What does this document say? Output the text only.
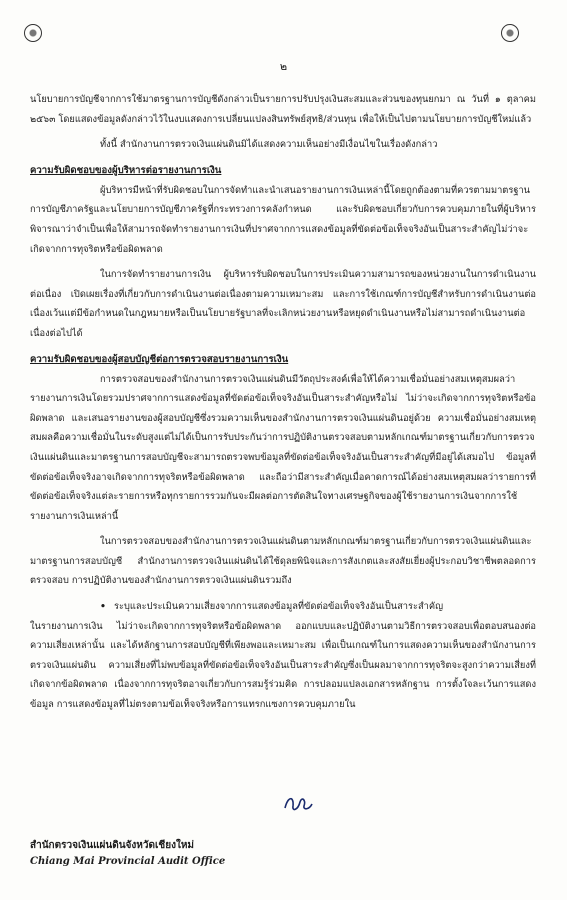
๒

นโยบายการบัญชีจากการใช้มาตรฐานการบัญชีดังกล่าวเป็นรายการปรับปรุงเงินสะสมและส่วนของทุนยกมา ณ วันที่ ๑ ตุลาคม ๒๕๖๓ โดยแสดงข้อมูลดังกล่าวไว้ในงบแสดงการเปลี่ยนแปลงสินทรัพย์สุทธิ/ส่วนทุน เพื่อให้เป็นไปตามนโยบายการบัญชีใหม่แล้ว

ทั้งนี้ สำนักงานการตรวจเงินแผ่นดินมิได้แสดงความเห็นอย่างมีเงื่อนไขในเรื่องดังกล่าว

ความรับผิดชอบของผู้บริหารต่อรายงานการเงิน

ผู้บริหารมีหน้าที่รับผิดชอบในการจัดทำและนำเสนอรายงานการเงินเหล่านี้โดยถูกต้องตามที่ควรตามมาตรฐานการบัญชีภาครัฐและนโยบายการบัญชีภาครัฐที่กระทรวงการคลังกำหนด และรับผิดชอบเกี่ยวกับการควบคุมภายในที่ผู้บริหารพิจารณาว่าจำเป็นเพื่อให้สามารถจัดทำรายงานการเงินที่ปราศจากการแสดงข้อมูลที่ขัดต่อข้อเท็จจริงอันเป็นสาระสำคัญไม่ว่าจะเกิดจากการทุจริตหรือข้อผิดพลาด

ในการจัดทำรายงานการเงิน ผู้บริหารรับผิดชอบในการประเมินความสามารถของหน่วยงานในการดำเนินงานต่อเนื่อง เปิดเผยเรื่องที่เกี่ยวกับการดำเนินงานต่อเนื่องตามความเหมาะสม และการใช้เกณฑ์การบัญชีสำหรับการดำเนินงานต่อเนื่องเว้นแต่มีข้อกำหนดในกฎหมายหรือเป็นนโยบายรัฐบาลที่จะเลิกหน่วยงานหรือหยุดดำเนินงานหรือไม่สามารถดำเนินงานต่อเนื่องต่อไปได้

ความรับผิดชอบของผู้สอบบัญชีต่อการตรวจสอบรายงานการเงิน

การตรวจสอบของสำนักงานการตรวจเงินแผ่นดินมีวัตถุประสงค์เพื่อให้ได้ความเชื่อมั่นอย่างสมเหตุสมผลว่ารายงานการเงินโดยรวมปราศจากการแสดงข้อมูลที่ขัดต่อข้อเท็จจริงอันเป็นสาระสำคัญหรือไม่ ไม่ว่าจะเกิดจากการทุจริตหรือข้อผิดพลาด และเสนอรายงานของผู้สอบบัญชีซึ่งรวมความเห็นของสำนักงานการตรวจเงินแผ่นดินอยู่ด้วย ความเชื่อมั่นอย่างสมเหตุสมผลคือความเชื่อมั่นในระดับสูงแต่ไม่ได้เป็นการรับประกันว่าการปฏิบัติงานตรวจสอบตามหลักเกณฑ์มาตรฐานเกี่ยวกับการตรวจเงินแผ่นดินและมาตรฐานการสอบบัญชีจะสามารถตรวจพบข้อมูลที่ขัดต่อข้อเท็จจริงอันเป็นสาระสำคัญที่มีอยู่ได้เสมอไป ข้อมูลที่ขัดต่อข้อเท็จจริงอาจเกิดจากการทุจริตหรือข้อผิดพลาด และถือว่ามีสาระสำคัญเมื่อคาดการณ์ได้อย่างสมเหตุสมผลว่ารายการที่ขัดต่อข้อเท็จจริงแต่ละรายการหรือทุกรายการรวมกันจะมีผลต่อการตัดสินใจทางเศรษฐกิจของผู้ใช้รายงานการเงินจากการใช้รายงานการเงินเหล่านี้

ในการตรวจสอบของสำนักงานการตรวจเงินแผ่นดินตามหลักเกณฑ์มาตรฐานเกี่ยวกับการตรวจเงินแผ่นดินและมาตรฐานการสอบบัญชี สำนักงานการตรวจเงินแผ่นดินได้ใช้ดุลยพินิจและการสังเกตและสงสัยเยี่ยงผู้ประกอบวิชาชีพตลอดการตรวจสอบ การปฏิบัติงานของสำนักงานการตรวจเงินแผ่นดินรวมถึง

• ระบุและประเมินความเสี่ยงจากการแสดงข้อมูลที่ขัดต่อข้อเท็จจริงอันเป็นสาระสำคัญ

ในรายงานการเงิน ไม่ว่าจะเกิดจากการทุจริตหรือข้อผิดพลาด ออกแบบและปฏิบัติงานตามวิธีการตรวจสอบเพื่อตอบสนองต่อความเสี่ยงเหล่านั้น และได้หลักฐานการสอบบัญชีที่เพียงพอและเหมาะสม เพื่อเป็นเกณฑ์ในการแสดงความเห็นของสำนักงานการตรวจเงินแผ่นดิน ความเสี่ยงที่ไม่พบข้อมูลที่ขัดต่อข้อเท็จจริงอันเป็นสาระสำคัญซึ่งเป็นผลมาจากการทุจริตจะสูงกว่าความเสี่ยงที่เกิดจากข้อผิดพลาด เนื่องจากการทุจริตอาจเกี่ยวกับการสมรู้ร่วมคิด การปลอมแปลงเอกสารหลักฐาน การตั้งใจละเว้นการแสดงข้อมูล การแสดงข้อมูลที่ไม่ตรงตามข้อเท็จจริงหรือการแทรกแซงการควบคุมภายใน

สำนักตรวจเงินแผ่นดินจังหวัดเชียงใหม่
Chiang Mai Provincial Audit Office
